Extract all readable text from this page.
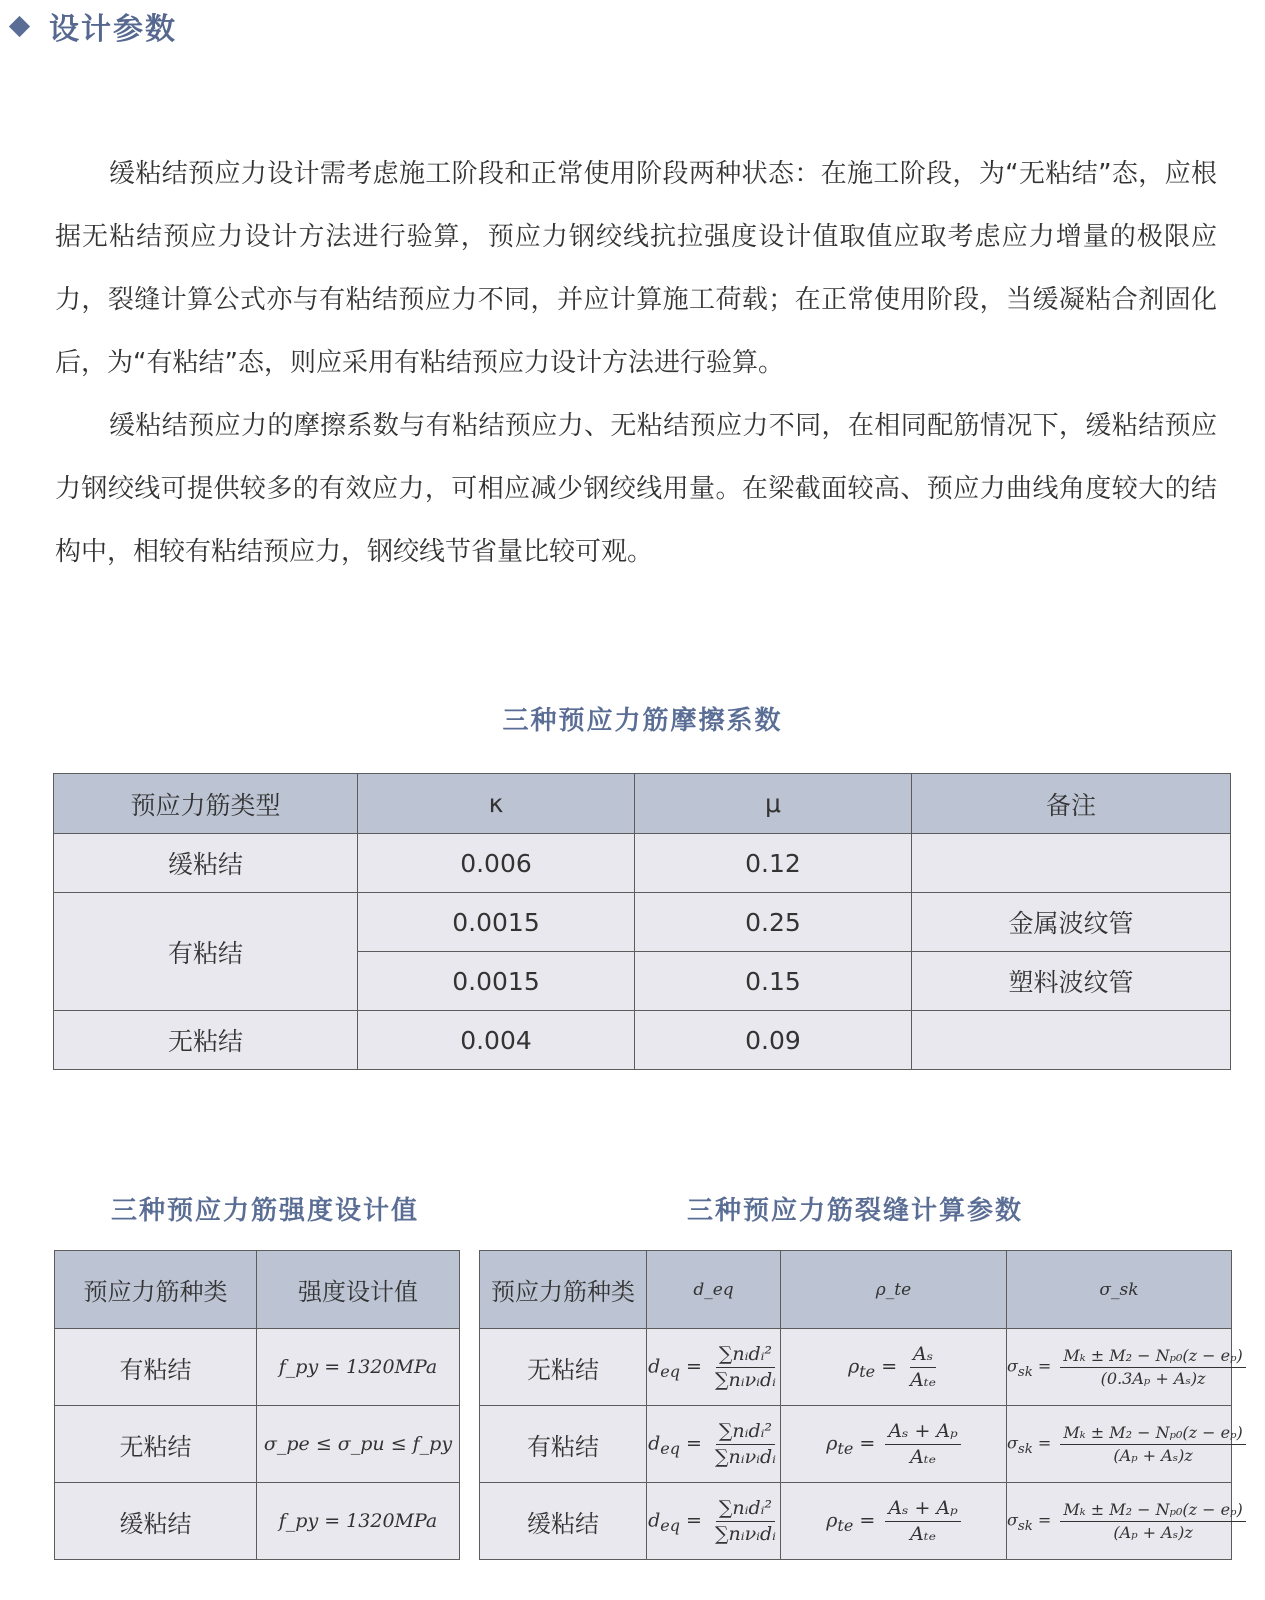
设计参数

缓粘结预应力设计需考虑施工阶段和正常使用阶段两种状态：在施工阶段，为“无粘结”态，应根据无粘结预应力设计方法进行验算，预应力钢绞线抗拉强度设计值取值应取考虑应力增量的极限应力，裂缝计算公式亦与有粘结预应力不同，并应计算施工荷载；在正常使用阶段，当缓凝粘合剂固化后，为“有粘结”态，则应采用有粘结预应力设计方法进行验算。

缓粘结预应力的摩擦系数与有粘结预应力、无粘结预应力不同，在相同配筋情况下，缓粘结预应力钢绞线可提供较多的有效应力，可相应减少钢绞线用量。在梁截面较高、预应力曲线角度较大的结构中，相较有粘结预应力，钢绞线节省量比较可观。

三种预应力筋摩擦系数
预应力筋类型	κ	μ	备注
缓粘结	0.006	0.12	
有粘结	0.0015	0.25	金属波纹管
	0.0015	0.15	塑料波纹管
无粘结	0.004	0.09	
三种预应力筋强度设计值
预应力筋种类	强度设计值
有粘结	f_py = 1320MPa
无粘结	σ_pe ≤ σ_pu ≤ f_py
缓粘结	f_py = 1320MPa
三种预应力筋裂缝计算参数
预应力筋种类	d_eq	ρ_te	σ_sk
无粘结	$d_{eq} = \frac{\text{∑nᵢdᵢ²}}{\text{∑nᵢνᵢdᵢ}}$	$\rho_{te} = \frac{\text{Aₛ}}{\text{Aₜₑ}}$	$\sigma_{sk} = \frac{\text{Mₖ ± M₂ − Nₚ₀(z − eₚ)}}{\text{(0.3Aₚ + Aₛ)z}}$

有粘结	$d_{eq} = \frac{\text{∑nᵢdᵢ²}}{\text{∑nᵢνᵢdᵢ}}$	$\rho_{te} = \frac{\text{Aₛ + Aₚ}}{\text{Aₜₑ}}$	$\sigma_{sk} = \frac{\text{Mₖ ± M₂ − Nₚ₀(z − eₚ)}}{\text{(Aₚ + Aₛ)z}}$

缓粘结	$d_{eq} = \frac{\text{∑nᵢdᵢ²}}{\text{∑nᵢνᵢdᵢ}}$	$\rho_{te} = \frac{\text{Aₛ + Aₚ}}{\text{Aₜₑ}}$	$\sigma_{sk} = \frac{\text{Mₖ ± M₂ − Nₚ₀(z − eₚ)}}{\text{(Aₚ + Aₛ)z}}$
